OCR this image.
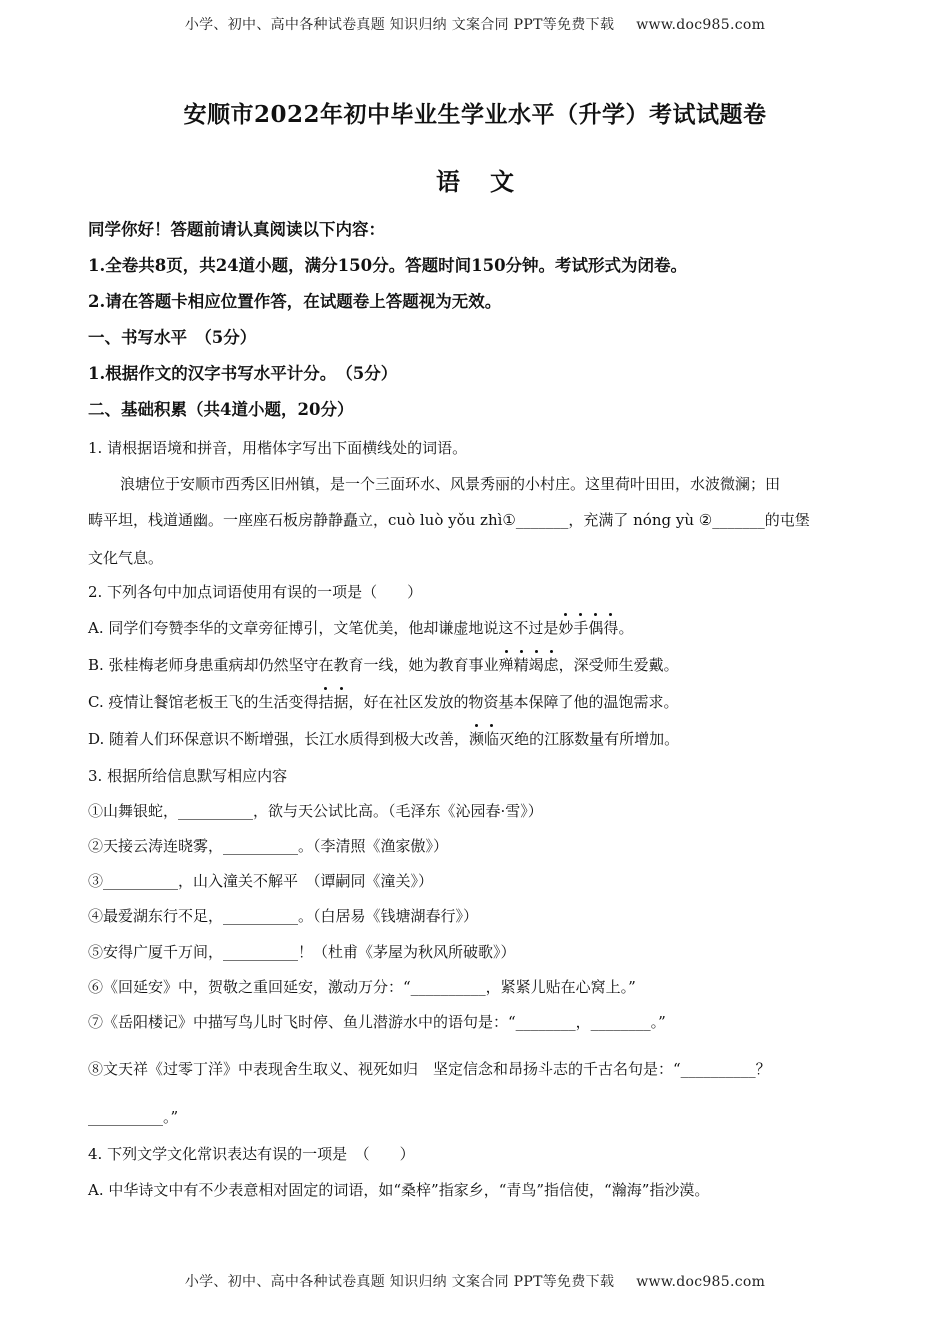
小学、初中、高中各种试卷真题 知识归纳 文案合同 PPT等免费下载 www.doc985.com
安顺市2022年初中毕业生学业水平（升学）考试试题卷
语文
同学你好！答题前请认真阅读以下内容：
1.全卷共8页，共24道小题，满分150分。答题时间150分钟。考试形式为闭卷。
2.请在答题卡相应位置作答，在试题卷上答题视为无效。
一、书写水平　（5分）
1.根据作文的汉字书写水平计分。　（5分）
二、基础积累（共4道小题，20分）
1. 请根据语境和拼音，用楷体字写出下面横线处的词语。
浪塘位于安顺市西秀区旧州镇，是一个三面环水、风景秀丽的小村庄。这里荷叶田田，水波微澜；田
畴平坦，栈道通幽。一座座石板房静静矗立，cuò luò yǒu zhì①_______，充满了 nóng yù ②_______的屯堡
文化气息。
2. 下列各句中加点词语使用有误的一项是（　　）
A. 同学们夸赞李华的文章旁征博引，文笔优美，他却谦虚地说这不过是妙手偶得。
B. 张桂梅老师身患重病却仍然坚守在教育一线，她为教育事业殚精竭虑，深受师生爱戴。
C. 疫情让餐馆老板王飞的生活变得拮据，好在社区发放的物资基本保障了他的温饱需求。
D. 随着人们环保意识不断增强，长江水质得到极大改善，濒临灭绝的江豚数量有所增加。
3. 根据所给信息默写相应内容
①山舞银蛇，__________，欲与天公试比高。（毛泽东《沁园春·雪》）
②天接云涛连晓雾，__________。（李清照《渔家傲》）
③__________，山入潼关不解平　（谭嗣同《潼关》）
④最爱湖东行不足，__________。（白居易《钱塘湖春行》）
⑤安得广厦千万间，__________！（杜甫《茅屋为秋风所破歌》）
⑥《回延安》中，贺敬之重回延安，激动万分：“__________，紧紧儿贴在心窝上。”
⑦《岳阳楼记》中描写鸟儿时飞时停、鱼儿潜游水中的语句是：“________，________。”
⑧文天祥《过零丁洋》中表现舍生取义、视死如归　坚定信念和昂扬斗志的千古名句是：“__________？
__________。”
4. 下列文学文化常识表达有误的一项是　（　　）
A. 中华诗文中有不少表意相对固定的词语，如“桑梓”指家乡，“青鸟”指信使，“瀚海”指沙漠。
小学、初中、高中各种试卷真题 知识归纳 文案合同 PPT等免费下载 www.doc985.com
